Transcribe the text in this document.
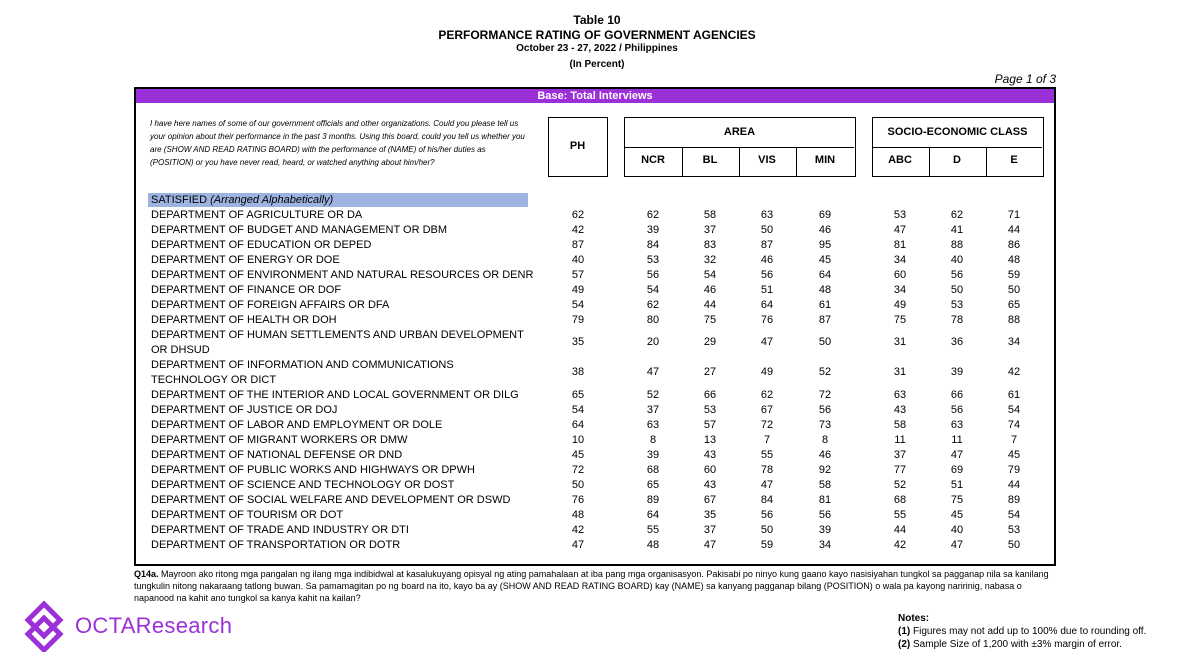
Table 10
PERFORMANCE RATING OF GOVERNMENT AGENCIES
October 23 - 27, 2022 / Philippines
(In Percent)
Page 1 of 3
Base: Total Interviews
I have here names of some of our government officials and other organizations. Could you please tell us your opinion about their performance in the past 3 months. Using this board, could you tell us whether you are (SHOW AND READ RATING BOARD) with the performance of (NAME) of his/her duties as (POSITION) or you have never read, heard, or watched anything about him/her?
PH
AREA	SOCIO-ECONOMIC CLASS
NCR	BL	VIS	MIN	ABC	D	E
SATISFIED (Arranged Alphabetically)
DEPARTMENT OF AGRICULTURE OR DA	62	62	58	63	69	53	62	71
DEPARTMENT OF BUDGET AND MANAGEMENT OR DBM	42	39	37	50	46	47	41	44
DEPARTMENT OF EDUCATION OR DEPED	87	84	83	87	95	81	88	86
DEPARTMENT OF ENERGY OR DOE	40	53	32	46	45	34	40	48
DEPARTMENT OF ENVIRONMENT AND NATURAL RESOURCES OR DENR	57	56	54	56	64	60	56	59
DEPARTMENT OF FINANCE OR DOF	49	54	46	51	48	34	50	50
DEPARTMENT OF FOREIGN AFFAIRS OR DFA	54	62	44	64	61	49	53	65
DEPARTMENT OF HEALTH OR DOH	79	80	75	76	87	75	78	88
DEPARTMENT OF HUMAN SETTLEMENTS AND URBAN DEVELOPMENT
OR DHSUD
35	20	29	47	50	31	36	34
DEPARTMENT OF INFORMATION AND COMMUNICATIONS
TECHNOLOGY OR DICT
38	47	27	49	52	31	39	42
DEPARTMENT OF THE INTERIOR AND LOCAL GOVERNMENT OR DILG	65	52	66	62	72	63	66	61
DEPARTMENT OF JUSTICE OR DOJ	54	37	53	67	56	43	56	54
DEPARTMENT OF LABOR AND EMPLOYMENT OR DOLE	64	63	57	72	73	58	63	74
DEPARTMENT OF MIGRANT WORKERS OR DMW	10	8	13	7	8	11	11	7
DEPARTMENT OF NATIONAL DEFENSE OR DND	45	39	43	55	46	37	47	45
DEPARTMENT OF PUBLIC WORKS AND HIGHWAYS OR DPWH	72	68	60	78	92	77	69	79
DEPARTMENT OF SCIENCE AND TECHNOLOGY OR DOST	50	65	43	47	58	52	51	44
DEPARTMENT OF SOCIAL WELFARE AND DEVELOPMENT OR DSWD	76	89	67	84	81	68	75	89
DEPARTMENT OF TOURISM OR DOT	48	64	35	56	56	55	45	54
DEPARTMENT OF TRADE AND INDUSTRY OR DTI	42	55	37	50	39	44	40	53
DEPARTMENT OF TRANSPORTATION OR DOTR	47	48	47	59	34	42	47	50
Q14a. Mayroon ako ritong mga pangalan ng ilang mga indibidwal at kasalukuyang opisyal ng ating pamahalaan at iba pang mga organisasyon. Pakisabi po ninyo kung gaano kayo nasisiyahan tungkol sa pagganap nila sa kanilang tungkulin nitong nakaraang tatlong buwan. Sa pamamagitan po ng board na ito, kayo ba ay (SHOW AND READ RATING BOARD) kay (NAME) sa kanyang pagganap bilang (POSITION) o wala pa kayong naririnig, nabasa o napanood na kahit ano tungkol sa kanya kahit na kailan?
OCTAResearch	Notes:
(1) Figures may not add up to 100% due to rounding off.
(2) Sample Size of 1,200 with ±3% margin of error.
